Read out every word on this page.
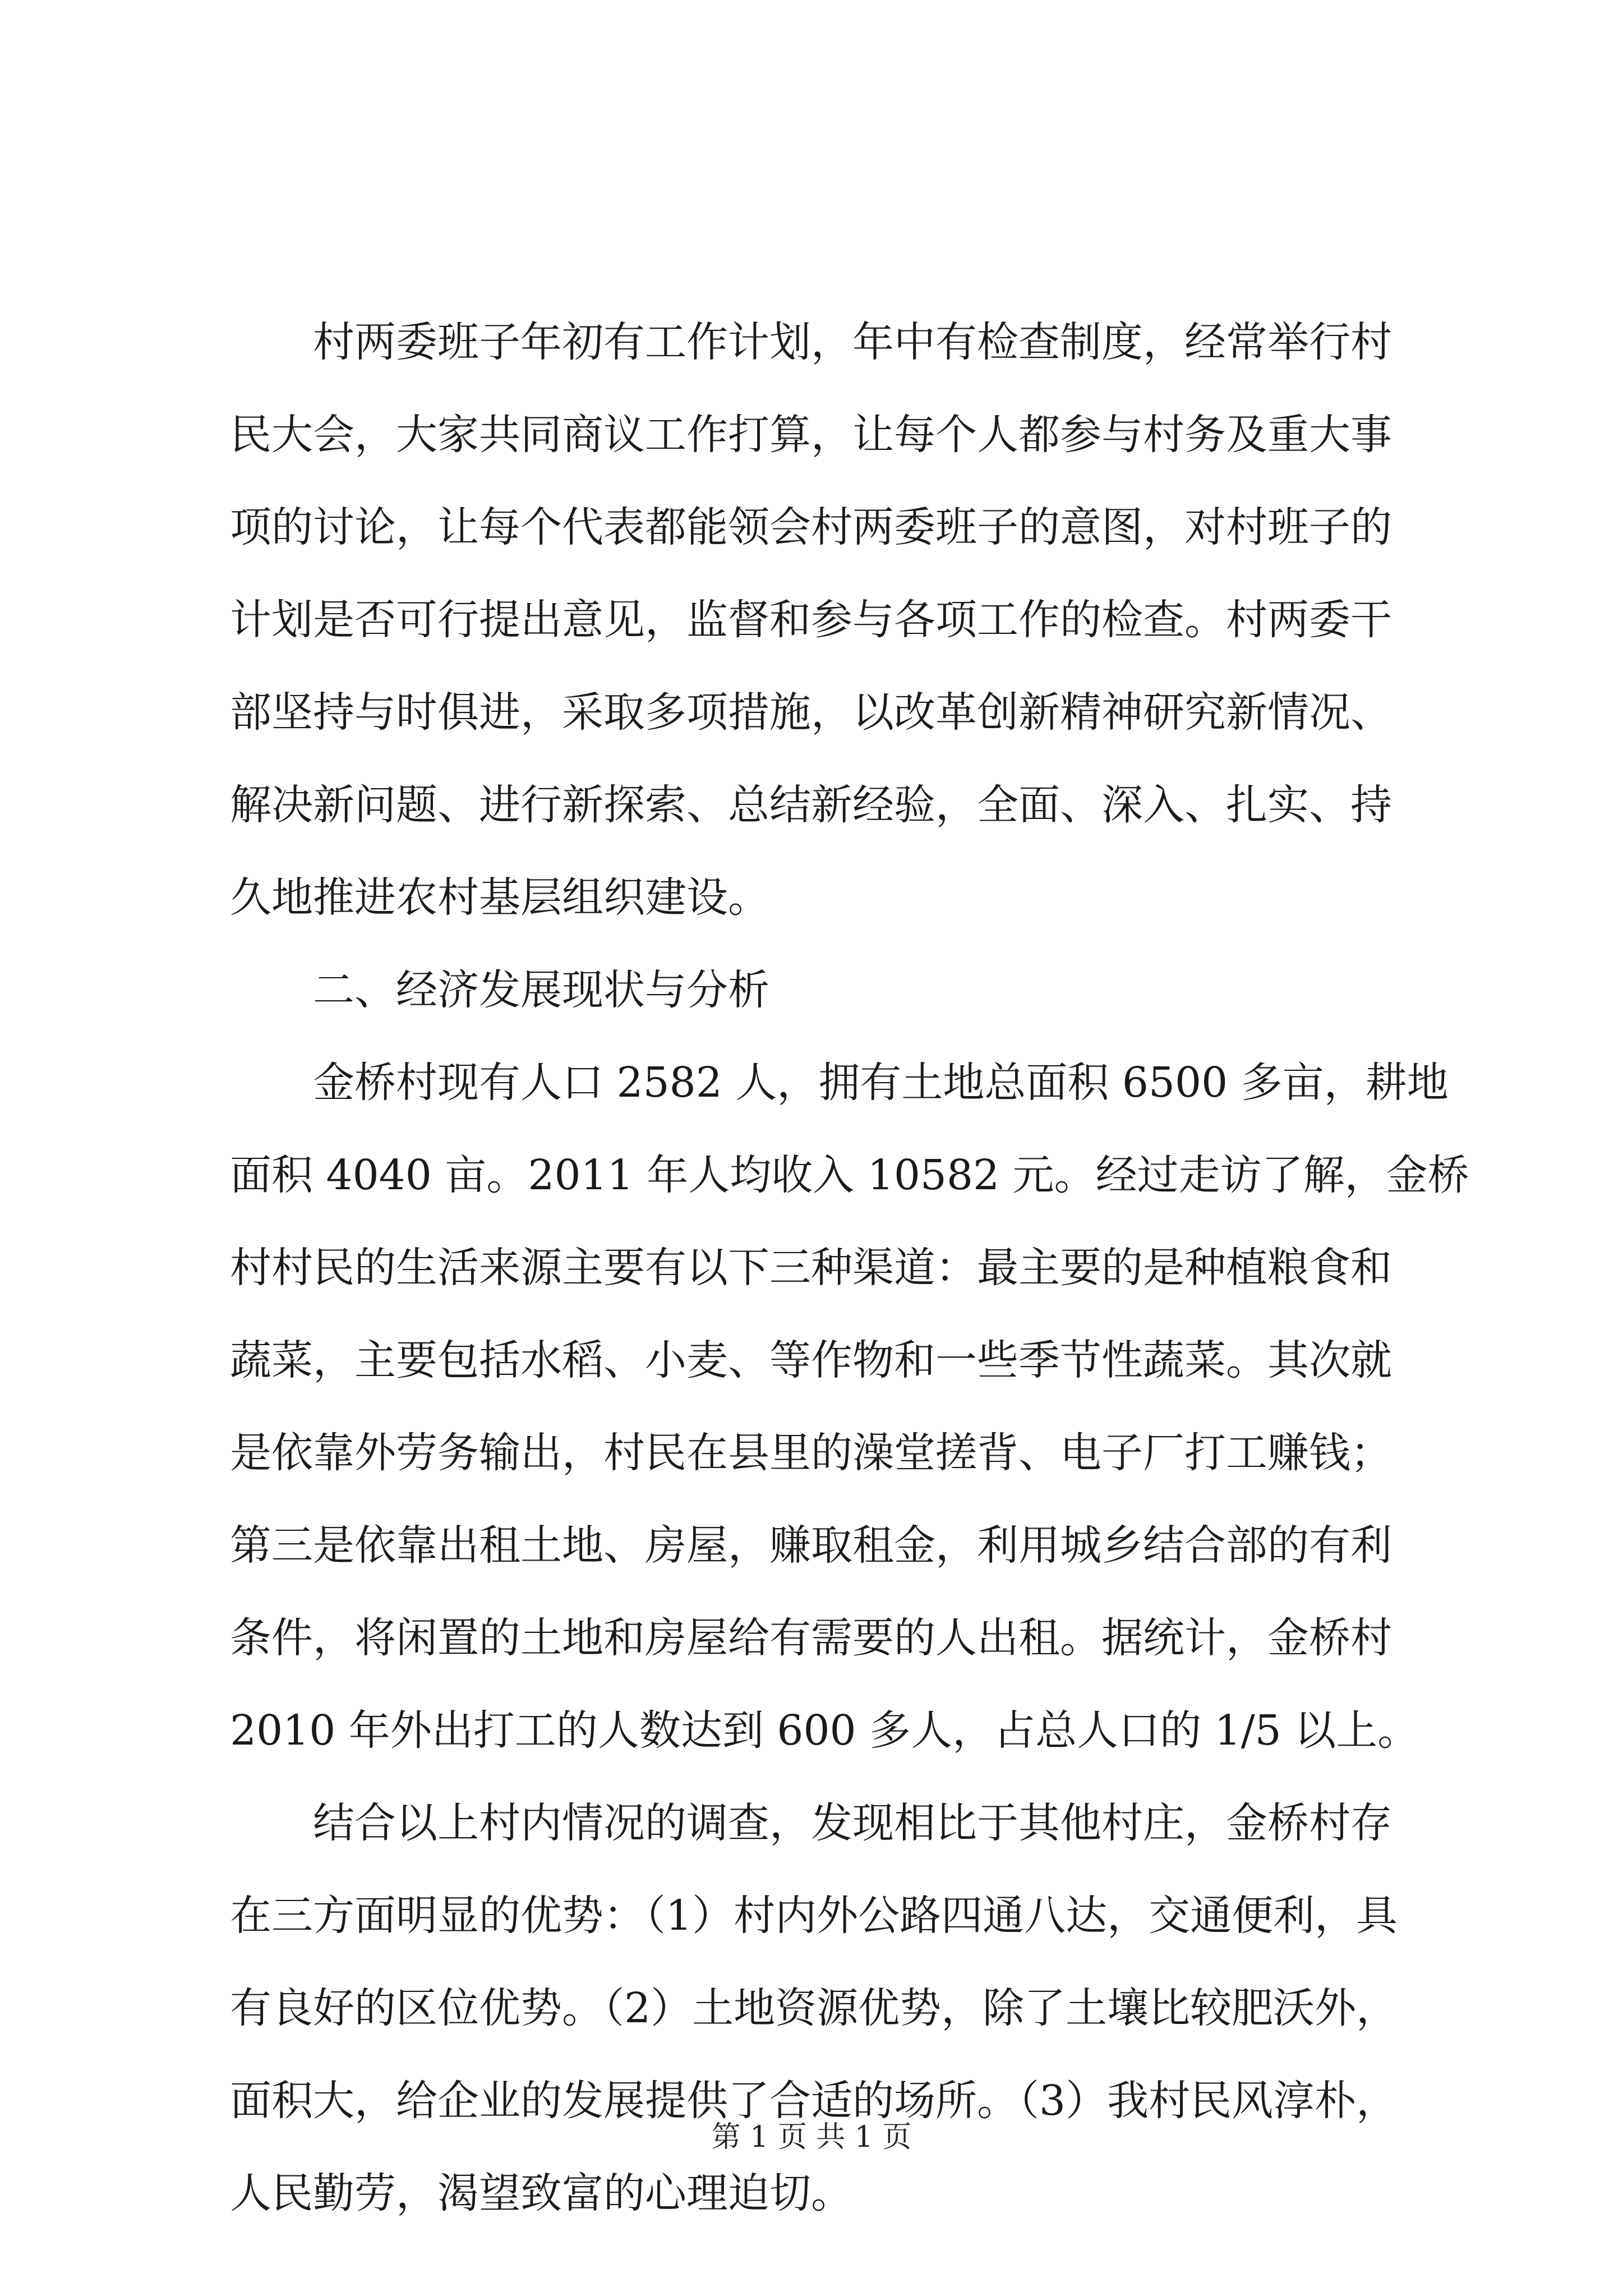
村两委班子年初有工作计划，年中有检查制度，经常举行村
民大会，大家共同商议工作打算，让每个人都参与村务及重大事
项的讨论，让每个代表都能领会村两委班子的意图，对村班子的
计划是否可行提出意见，监督和参与各项工作的检查。村两委干
部坚持与时俱进，采取多项措施，以改革创新精神研究新情况、
解决新问题、进行新探索、总结新经验，全面、深入、扎实、持
久地推进农村基层组织建设。
二、经济发展现状与分析
金桥村现有人口 2582 人，拥有土地总面积 6500 多亩，耕地
面积 4040 亩。2011 年人均收入 10582 元。经过走访了解，金桥
村村民的生活来源主要有以下三种渠道：最主要的是种植粮食和
蔬菜，主要包括水稻、小麦、等作物和一些季节性蔬菜。其次就
是依靠外劳务输出，村民在县里的澡堂搓背、电子厂打工赚钱；
第三是依靠出租土地、房屋，赚取租金，利用城乡结合部的有利
条件，将闲置的土地和房屋给有需要的人出租。据统计，金桥村
2010 年外出打工的人数达到 600 多人，占总人口的 1/5 以上。
结合以上村内情况的调查，发现相比于其他村庄，金桥村存
在三方面明显的优势：（1）村内外公路四通八达，交通便利，具
有良好的区位优势。（2）土地资源优势，除了土壤比较肥沃外，
面积大，给企业的发展提供了合适的场所。（3）我村民风淳朴，
人民勤劳，渴望致富的心理迫切。
第 1 页 共 1 页
